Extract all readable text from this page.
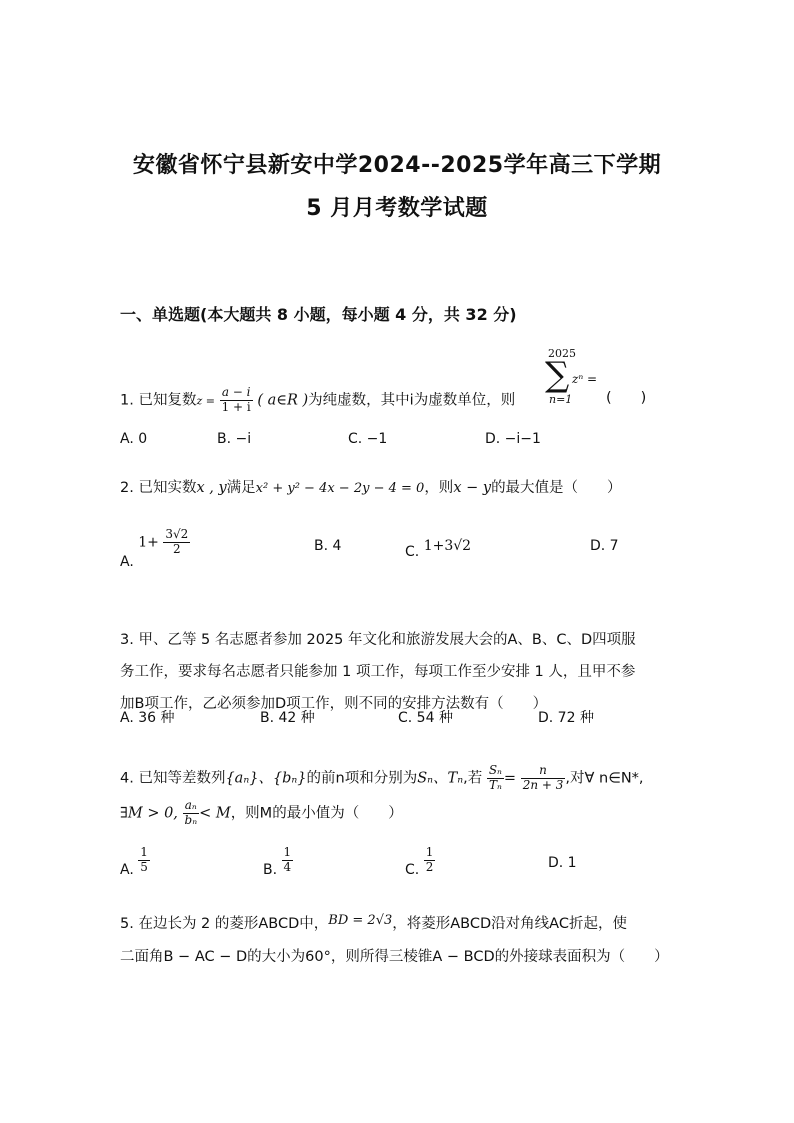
安徽省怀宁县新安中学2024--2025学年高三下学期
5 月月考数学试题
一、单选题(本大题共 8 小题，每小题 4 分，共 32 分)
1. 已知复数$z = \frac{a - i}{1 + i}$ ( a∈R )为纯虚数，其中i为虚数单位，则
2025
∑
n=1
zⁿ =
(　　)
A. 0	B. −i	C. −1	D. −i−1
2. 已知实数x , y满足x² + y² − 4x − 2y − 4 = 0，则x − y的最大值是（　　）
A. $1+ \frac{3√2}{2}$	B. 4	C. 1+3√2	D. 7
3. 甲、乙等 5 名志愿者参加 2025 年文化和旅游发展大会的A、B、C、D四项服
务工作，要求每名志愿者只能参加 1 项工作，每项工作至少安排 1 人，且甲不参
加B项工作，乙必须参加D项工作，则不同的安排方法数有（　　）
A. 36 种	B. 42 种	C. 54 种	D. 72 种
4. 已知等差数列{aₙ}、{bₙ}的前n项和分别为Sₙ、Tₙ,若 $\frac{\text{Sₙ}}{\text{Tₙ}} = \frac{n}{2n + 3}$ ,对∀ n∈N*,
∃M > 0, $\frac{\text{aₙ}}{\text{bₙ}} < M$，则M的最小值为（　　）
A. $\frac{1}{5}$	B. $\frac{1}{4}$	C. $\frac{1}{2}$	D. 1
5. 在边长为 2 的菱形ABCD中，BD = 2√3，将菱形ABCD沿对角线AC折起，使
二面角B − AC − D的大小为60°，则所得三棱锥A − BCD的外接球表面积为（　　）
